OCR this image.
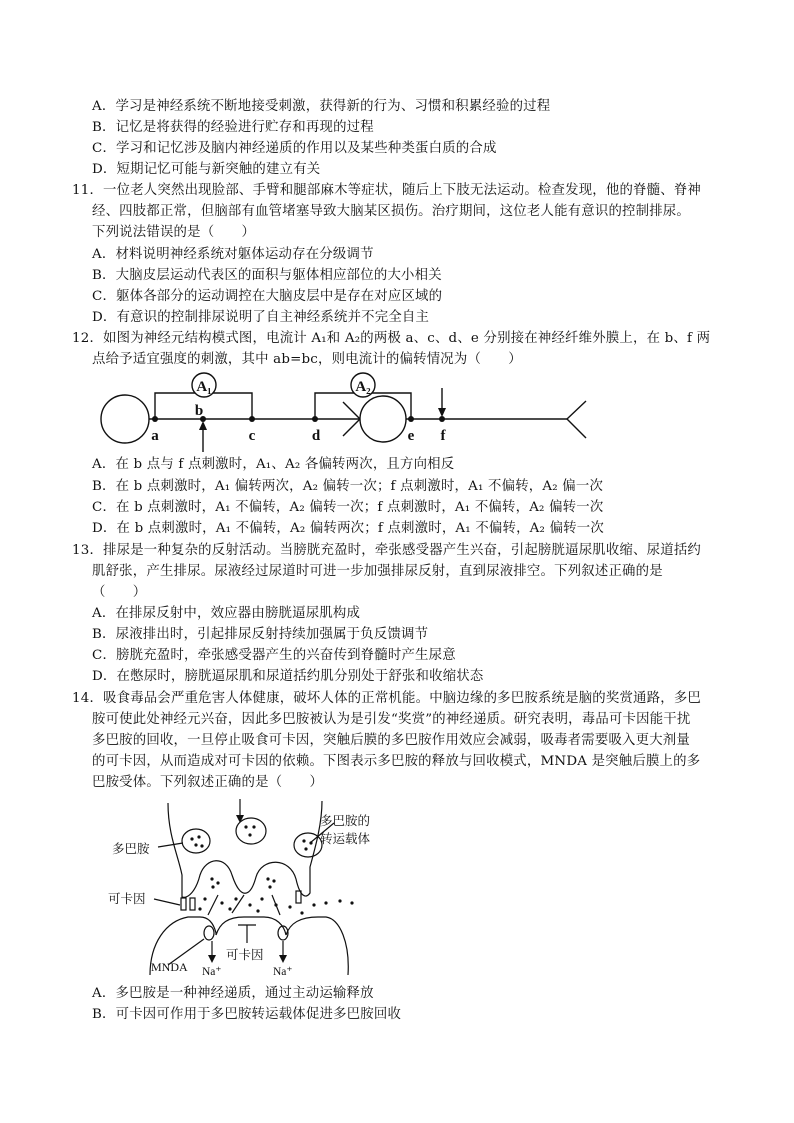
A．学习是神经系统不断地接受刺激，获得新的行为、习惯和积累经验的过程
B．记忆是将获得的经验进行贮存和再现的过程
C．学习和记忆涉及脑内神经递质的作用以及某些种类蛋白质的合成
D．短期记忆可能与新突触的建立有关
11．一位老人突然出现脸部、手臂和腿部麻木等症状，随后上下肢无法运动。检查发现，他的脊髓、脊神
经、四肢都正常，但脑部有血管堵塞导致大脑某区损伤。治疗期间，这位老人能有意识的控制排尿。
下列说法错误的是（　　）
A．材料说明神经系统对躯体运动存在分级调节
B．大脑皮层运动代表区的面积与躯体相应部位的大小相关
C．躯体各部分的运动调控在大脑皮层中是存在对应区域的
D．有意识的控制排尿说明了自主神经系统并不完全自主
12．如图为神经元结构模式图，电流计 A₁和 A₂的两极 a、c、d、e 分别接在神经纤维外膜上，在 b、f 两
点给予适宜强度的刺激，其中 ab=bc，则电流计的偏转情况为（　　）
A₁	A₂
a
b
c	d	e f
A．在 b 点与 f 点刺激时，A₁、A₂ 各偏转两次，且方向相反
B．在 b 点刺激时，A₁ 偏转两次，A₂ 偏转一次；f 点刺激时，A₁ 不偏转，A₂ 偏一次
C．在 b 点刺激时，A₁ 不偏转，A₂ 偏转一次；f 点刺激时，A₁ 不偏转，A₂ 偏转一次
D．在 b 点刺激时，A₁ 不偏转，A₂ 偏转两次；f 点刺激时，A₁ 不偏转，A₂ 偏转一次
13．排尿是一种复杂的反射活动。当膀胱充盈时，牵张感受器产生兴奋，引起膀胱逼尿肌收缩、尿道括约
肌舒张，产生排尿。尿液经过尿道时可进一步加强排尿反射，直到尿液排空。下列叙述正确的是
（　　）
A．在排尿反射中，效应器由膀胱逼尿肌构成
B．尿液排出时，引起排尿反射持续加强属于负反馈调节
C．膀胱充盈时，牵张感受器产生的兴奋传到脊髓时产生尿意
D．在憋尿时，膀胱逼尿肌和尿道括约肌分别处于舒张和收缩状态
14．吸食毒品会严重危害人体健康，破坏人体的正常机能。中脑边缘的多巴胺系统是脑的奖赏通路，多巴
胺可使此处神经元兴奋，因此多巴胺被认为是引发“奖赏”的神经递质。研究表明，毒品可卡因能干扰
多巴胺的回收，一旦停止吸食可卡因，突触后膜的多巴胺作用效应会减弱，吸毒者需要吸入更大剂量
的可卡因，从而造成对可卡因的依赖。下图表示多巴胺的释放与回收模式，MNDA 是突触后膜上的多
巴胺受体。下列叙述正确的是（　　）
多巴胺
多巴胺的
转运载体
可卡因
可卡因
MNDA Na⁺	Na⁺
A．多巴胺是一种神经递质，通过主动运输释放
B．可卡因可作用于多巴胺转运载体促进多巴胺回收
